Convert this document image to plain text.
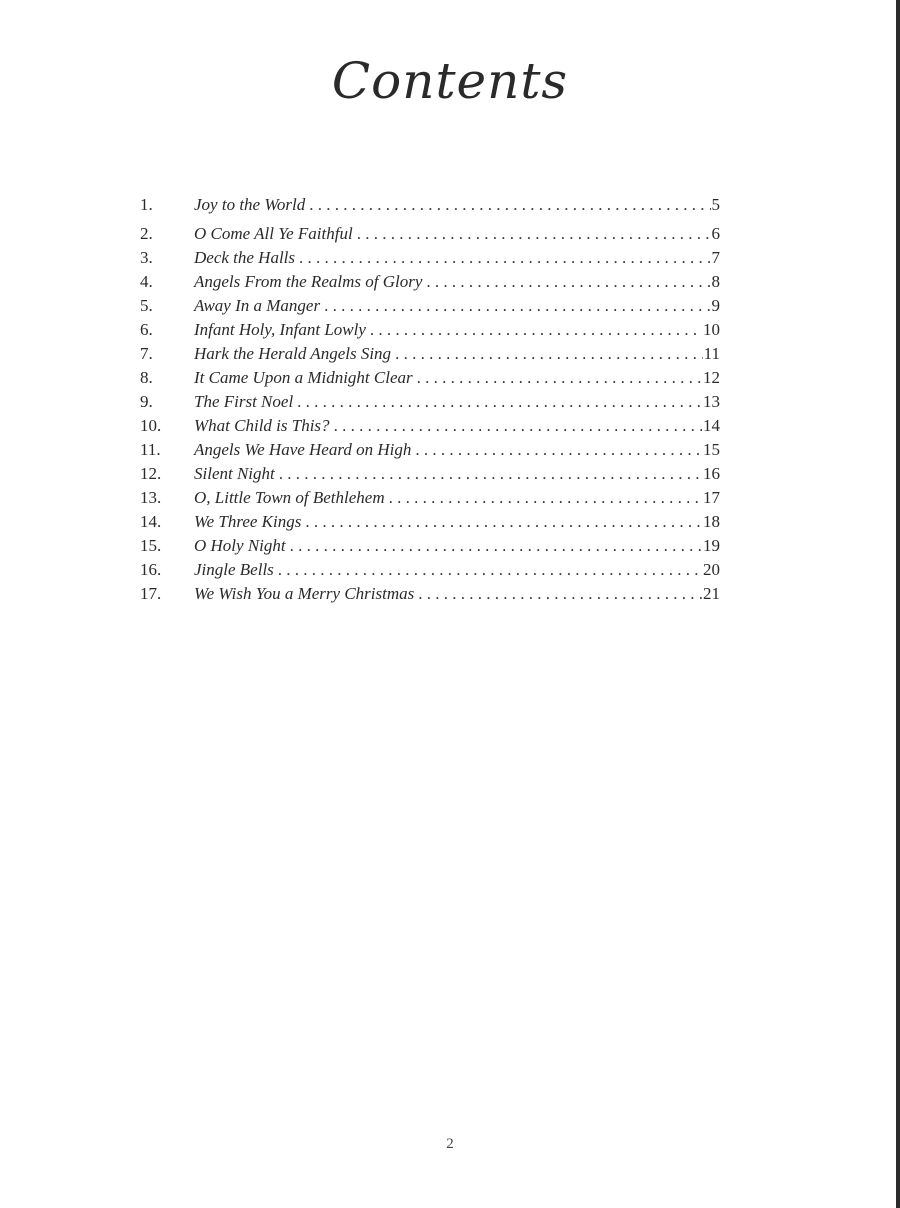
Contents
1.	Joy to the World . . .	5
2.	O Come All Ye Faithful . . .	6
3.	Deck the Halls . . .	7
4.	Angels From the Realms of Glory . . .	8
5.	Away In a Manger . . .	9
6.	Infant Holy, Infant Lowly . . .	10
7.	Hark the Herald Angels Sing . . .	11
8.	It Came Upon a Midnight Clear . . .	12
9.	The First Noel . . .	13
10.	What Child is This? . . .	14
11.	Angels We Have Heard on High . . .	15
12.	Silent Night . . .	16
13.	O, Little Town of Bethlehem . . .	17
14.	We Three Kings . . .	18
15.	O Holy Night . . .	19
16.	Jingle Bells . . .	20
17.	We Wish You a Merry Christmas . . .	21
2
